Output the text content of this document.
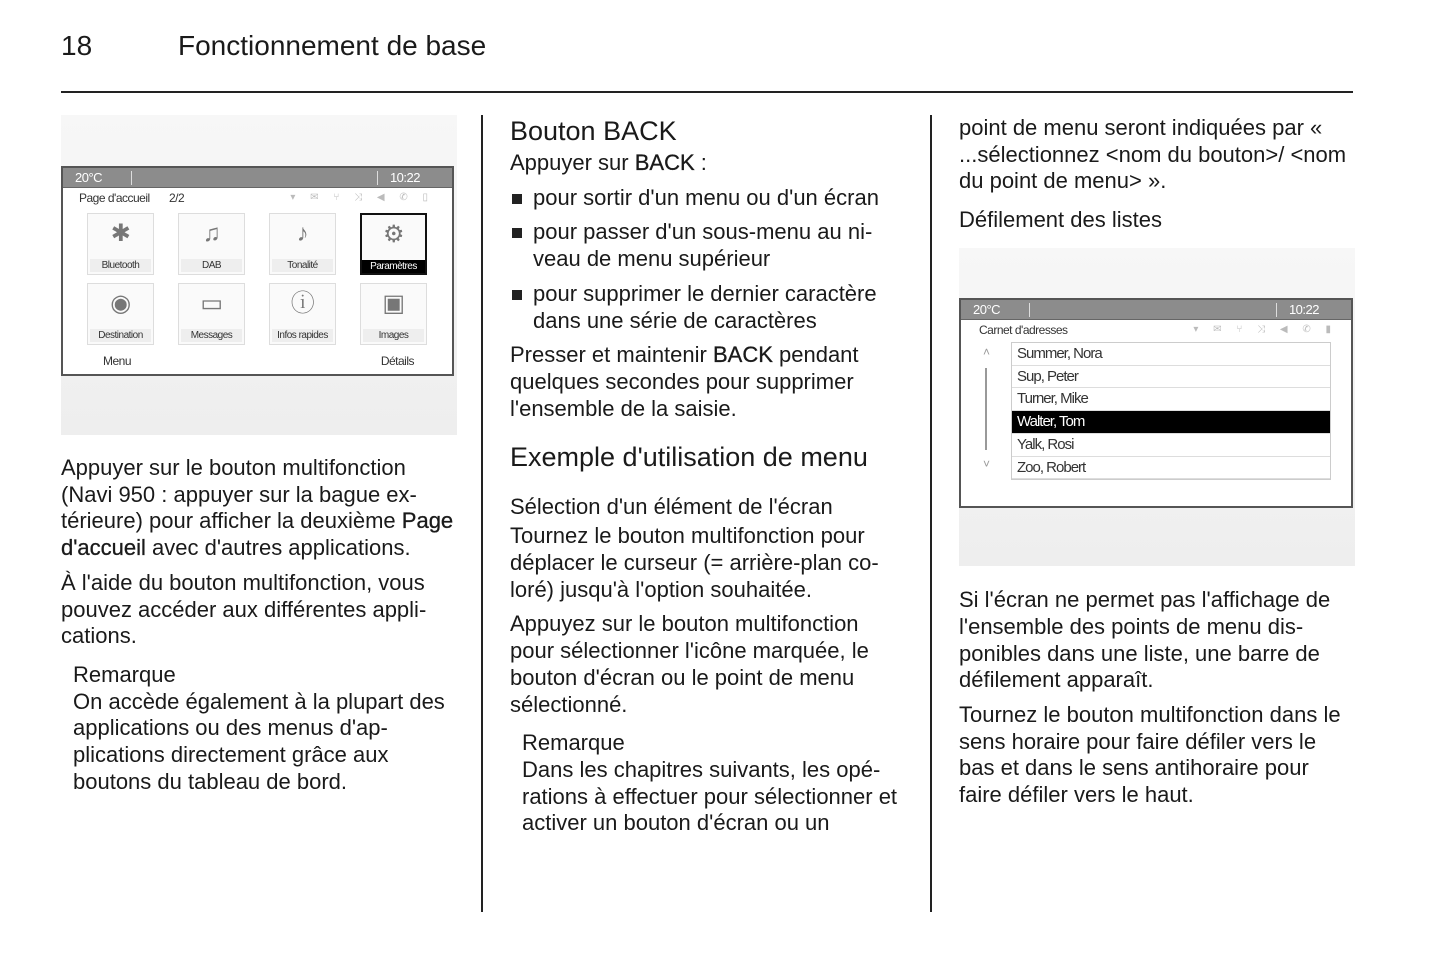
18	Fonctionnement de base
20°C	10:22
Page d'accueil 2/2	▾ ✉ ⑂ ⤨ ◀ ✆ ▯
✱
Bluetooth
♫
DAB
♪
Tonalité
⚙
Paramètres
◉
Destination
▭
Messages
ⓘ
Infos rapides
▣
Images
Menu	Détails

Appuyer sur le bouton multifonction (Navi 950 : appuyer sur la bague extérieure) pour afficher la deuxième Page d'accueil avec d'autres applications.

À l'aide du bouton multifonction, vous pouvez accéder aux différentes applications.

Remarque
On accède également à la plupart des applications ou des menus d'applications directement grâce aux boutons du tableau de bord.
Bouton BACK
Appuyer sur BACK :
pour sortir d'un menu ou d'un écran
pour passer d'un sous-menu au niveau de menu supérieur
pour supprimer le dernier caractère dans une série de caractères

Presser et maintenir BACK pendant quelques secondes pour supprimer l'ensemble de la saisie.

Exemple d'utilisation de menu
Sélection d'un élément de l'écran
Tournez le bouton multifonction pour déplacer le curseur (= arrière-plan coloré) jusqu'à l'option souhaitée.

Appuyez sur le bouton multifonction pour sélectionner l'icône marquée, le bouton d'écran ou le point de menu sélectionné.

Remarque
Dans les chapitres suivants, les opérations à effectuer pour sélectionner et activer un bouton d'écran ou un
point de menu seront indiquées par « ...sélectionnez <nom du bouton>/ <nom du point de menu> ».
Défilement des listes
20°C	10:22
Carnet d'adresses	▾ ✉ ⑂ ⤨ ◀ ✆ ▮
˄
˅
Summer, Nora
Sup, Peter
Turner, Mike
Walter, Tom
Yalk, Rosi
Zoo, Robert

Si l'écran ne permet pas l'affichage de l'ensemble des points de menu disponibles dans une liste, une barre de défilement apparaît.

Tournez le bouton multifonction dans le sens horaire pour faire défiler vers le bas et dans le sens antihoraire pour faire défiler vers le haut.
